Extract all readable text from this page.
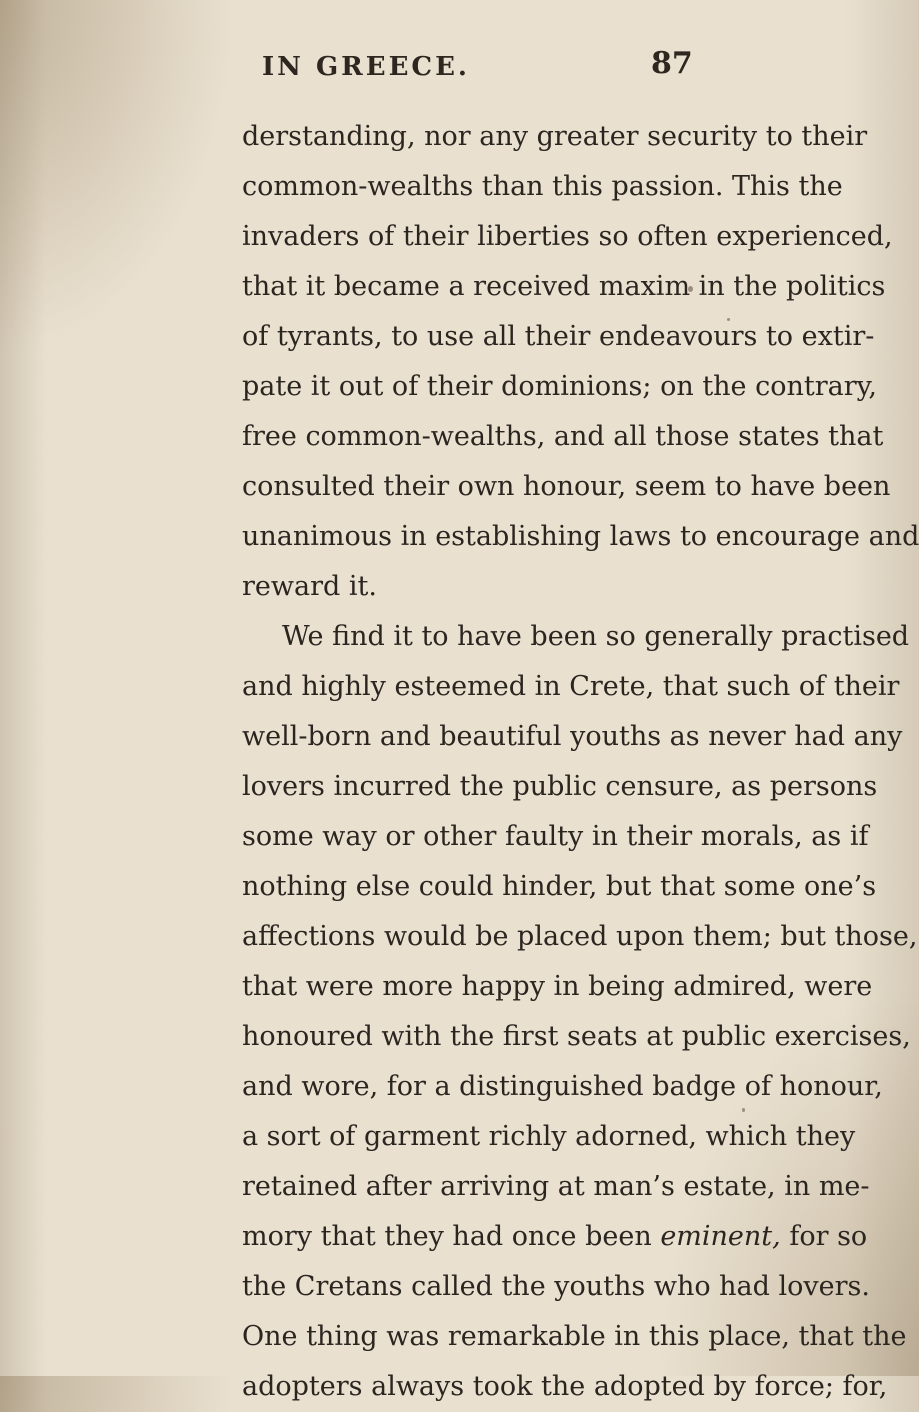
IN GREECE.	87
derstanding, nor any greater security to their
common-wealths than this passion. This the
invaders of their liberties so often experienced,
that it became a received maxim in the politics
of tyrants, to use all their endeavours to extir-
pate it out of their dominions; on the contrary,
free common-wealths, and all those states that
consulted their own honour, seem to have been
unanimous in establishing laws to encourage and
reward it.
We find it to have been so generally practised
and highly esteemed in Crete, that such of their
well-born and beautiful youths as never had any
lovers incurred the public censure, as persons
some way or other faulty in their morals, as if
nothing else could hinder, but that some one’s
affections would be placed upon them; but those,
that were more happy in being admired, were
honoured with the first seats at public exercises,
and wore, for a distinguished badge of honour,
a sort of garment richly adorned, which they
retained after arriving at man’s estate, in me-
mory that they had once been eminent, for so
the Cretans called the youths who had lovers.
One thing was remarkable in this place, that the
adopters always took the adopted by force; for,
